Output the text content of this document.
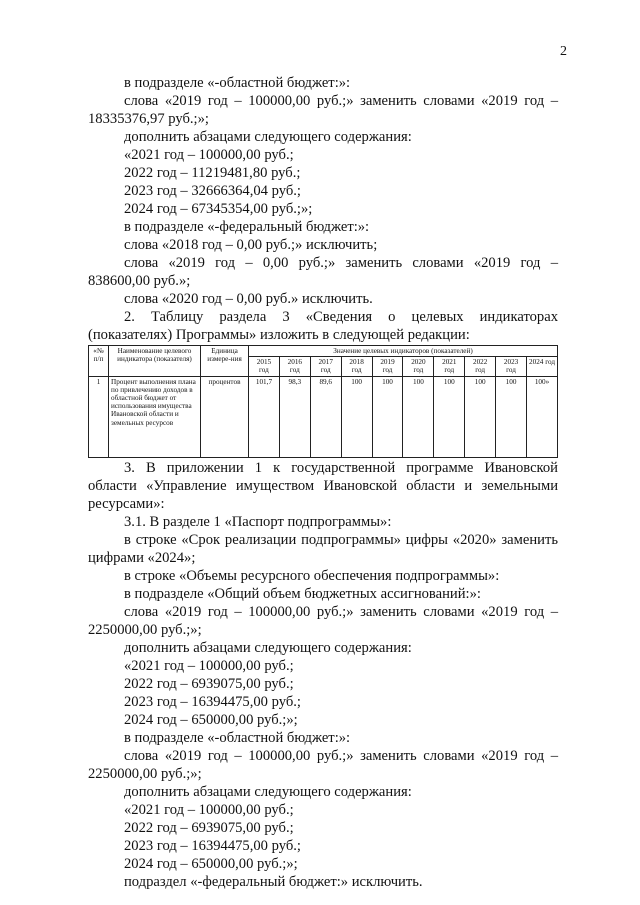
2

в подразделе «-областной бюджет:»:

слова «2019 год – 100000,00 руб.;» заменить словами «2019 год –

18335376,97 руб.;»;

дополнить абзацами следующего содержания:

«2021 год – 100000,00 руб.;

2022 год – 11219481,80 руб.;

2023 год – 32666364,04 руб.;

2024 год – 67345354,00 руб.;»;

в подразделе «-федеральный бюджет:»:

слова «2018 год – 0,00 руб.;» исключить;

слова «2019 год – 0,00 руб.;» заменить словами «2019 год –

838600,00 руб.»;

слова «2020 год – 0,00 руб.» исключить.

2. Таблицу раздела 3 «Сведения о целевых индикаторах

(показателях) Программы» изложить в следующей редакции:

«№ п/п	Наименование целевого индикатора (показателя)	Единица измере-ния	Значение целевых индикаторов (показателей)									
			2015 год	2016 год	2017 год	2018 год	2019 год	2020 год	2021 год	2022 год	2023 год	2024 год
1	Процент выполнения плана по привлечению доходов в областной бюджет от использования имущества Ивановской области и земельных ресурсов	процентов	101,7	98,3	89,6	100	100	100	100	100	100	100»

3. В приложении 1 к государственной программе Ивановской

области «Управление имуществом Ивановской области и земельными

ресурсами»:

3.1. В разделе 1 «Паспорт подпрограммы»:

в строке «Срок реализации подпрограммы» цифры «2020» заменить

цифрами «2024»;

в строке «Объемы ресурсного обеспечения подпрограммы»:

в подразделе «Общий объем бюджетных ассигнований:»:

слова «2019 год – 100000,00 руб.;» заменить словами «2019 год –

2250000,00 руб.;»;

дополнить абзацами следующего содержания:

«2021 год – 100000,00 руб.;

2022 год – 6939075,00 руб.;

2023 год – 16394475,00 руб.;

2024 год – 650000,00 руб.;»;

в подразделе «-областной бюджет:»:

слова «2019 год – 100000,00 руб.;» заменить словами «2019 год –

2250000,00 руб.;»;

дополнить абзацами следующего содержания:

«2021 год – 100000,00 руб.;

2022 год – 6939075,00 руб.;

2023 год – 16394475,00 руб.;

2024 год – 650000,00 руб.;»;

подраздел «-федеральный бюджет:» исключить.
